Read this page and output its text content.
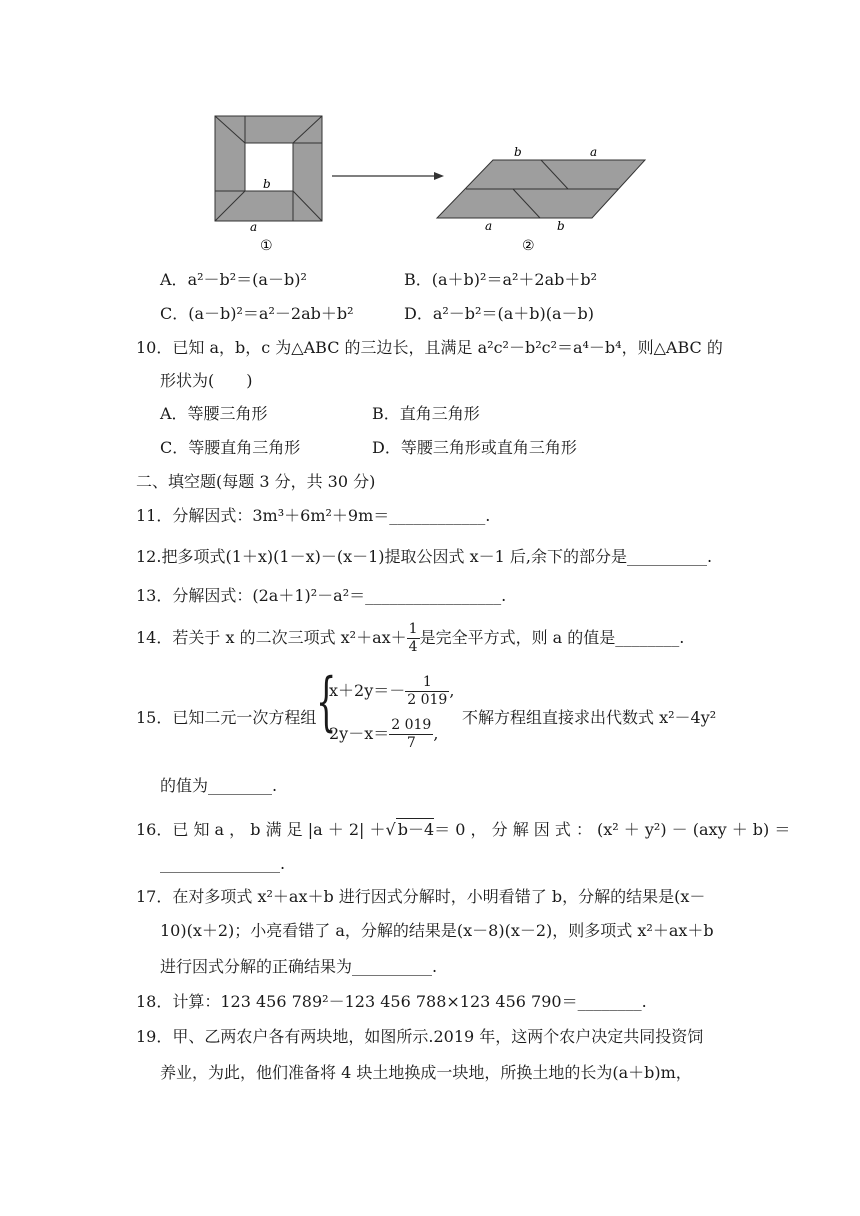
b
a
①
b	a
a	b
②
A．a²－b²＝(a－b)²	B．(a＋b)²＝a²＋2ab＋b²
C．(a－b)²＝a²－2ab＋b²	D．a²－b²＝(a＋b)(a－b)
10．已知 a，b，c 为△ABC 的三边长，且满足 a²c²－b²c²＝a⁴－b⁴，则△ABC 的
形状为(　　)
A．等腰三角形	B．直角三角形
C．等腰直角三角形	D．等腰三角形或直角三角形
二、填空题(每题 3 分，共 30 分)
11．分解因式：3m³＋6m²＋9m＝____________.
12.把多项式(1＋x)(1－x)－(x－1)提取公因式 x－1 后,余下的部分是__________.
13．分解因式：(2a＋1)²－a²＝_________________.
14．若关于 x 的二次三项式 $x^2+ax+ \frac{1}{4}$ 是完全平方式，则 a 的值是________.
15．已知二元一次方程组 {
$x+2y=- \frac{1}{2 019}$ ,
$2y-x= \frac{2 019}{7}$ ,
不解方程组直接求出代数式 x²－4y²
的值为________.
16．已 知 a ， b 满 足 |a ＋ 2| ＋√ b－4＝ 0 ， 分 解 因 式 ： (x² ＋ y²) － (axy ＋ b) ＝
_______________.
17．在对多项式 x²＋ax＋b 进行因式分解时，小明看错了 b，分解的结果是(x－
10)(x＋2)；小亮看错了 a，分解的结果是(x－8)(x－2)，则多项式 x²＋ax＋b
进行因式分解的正确结果为__________.
18．计算：123 456 789²－123 456 788×123 456 790＝________.
19．甲、乙两农户各有两块地，如图所示.2019 年，这两个农户决定共同投资饲
养业，为此，他们准备将 4 块土地换成一块地，所换土地的长为(a＋b)m，
